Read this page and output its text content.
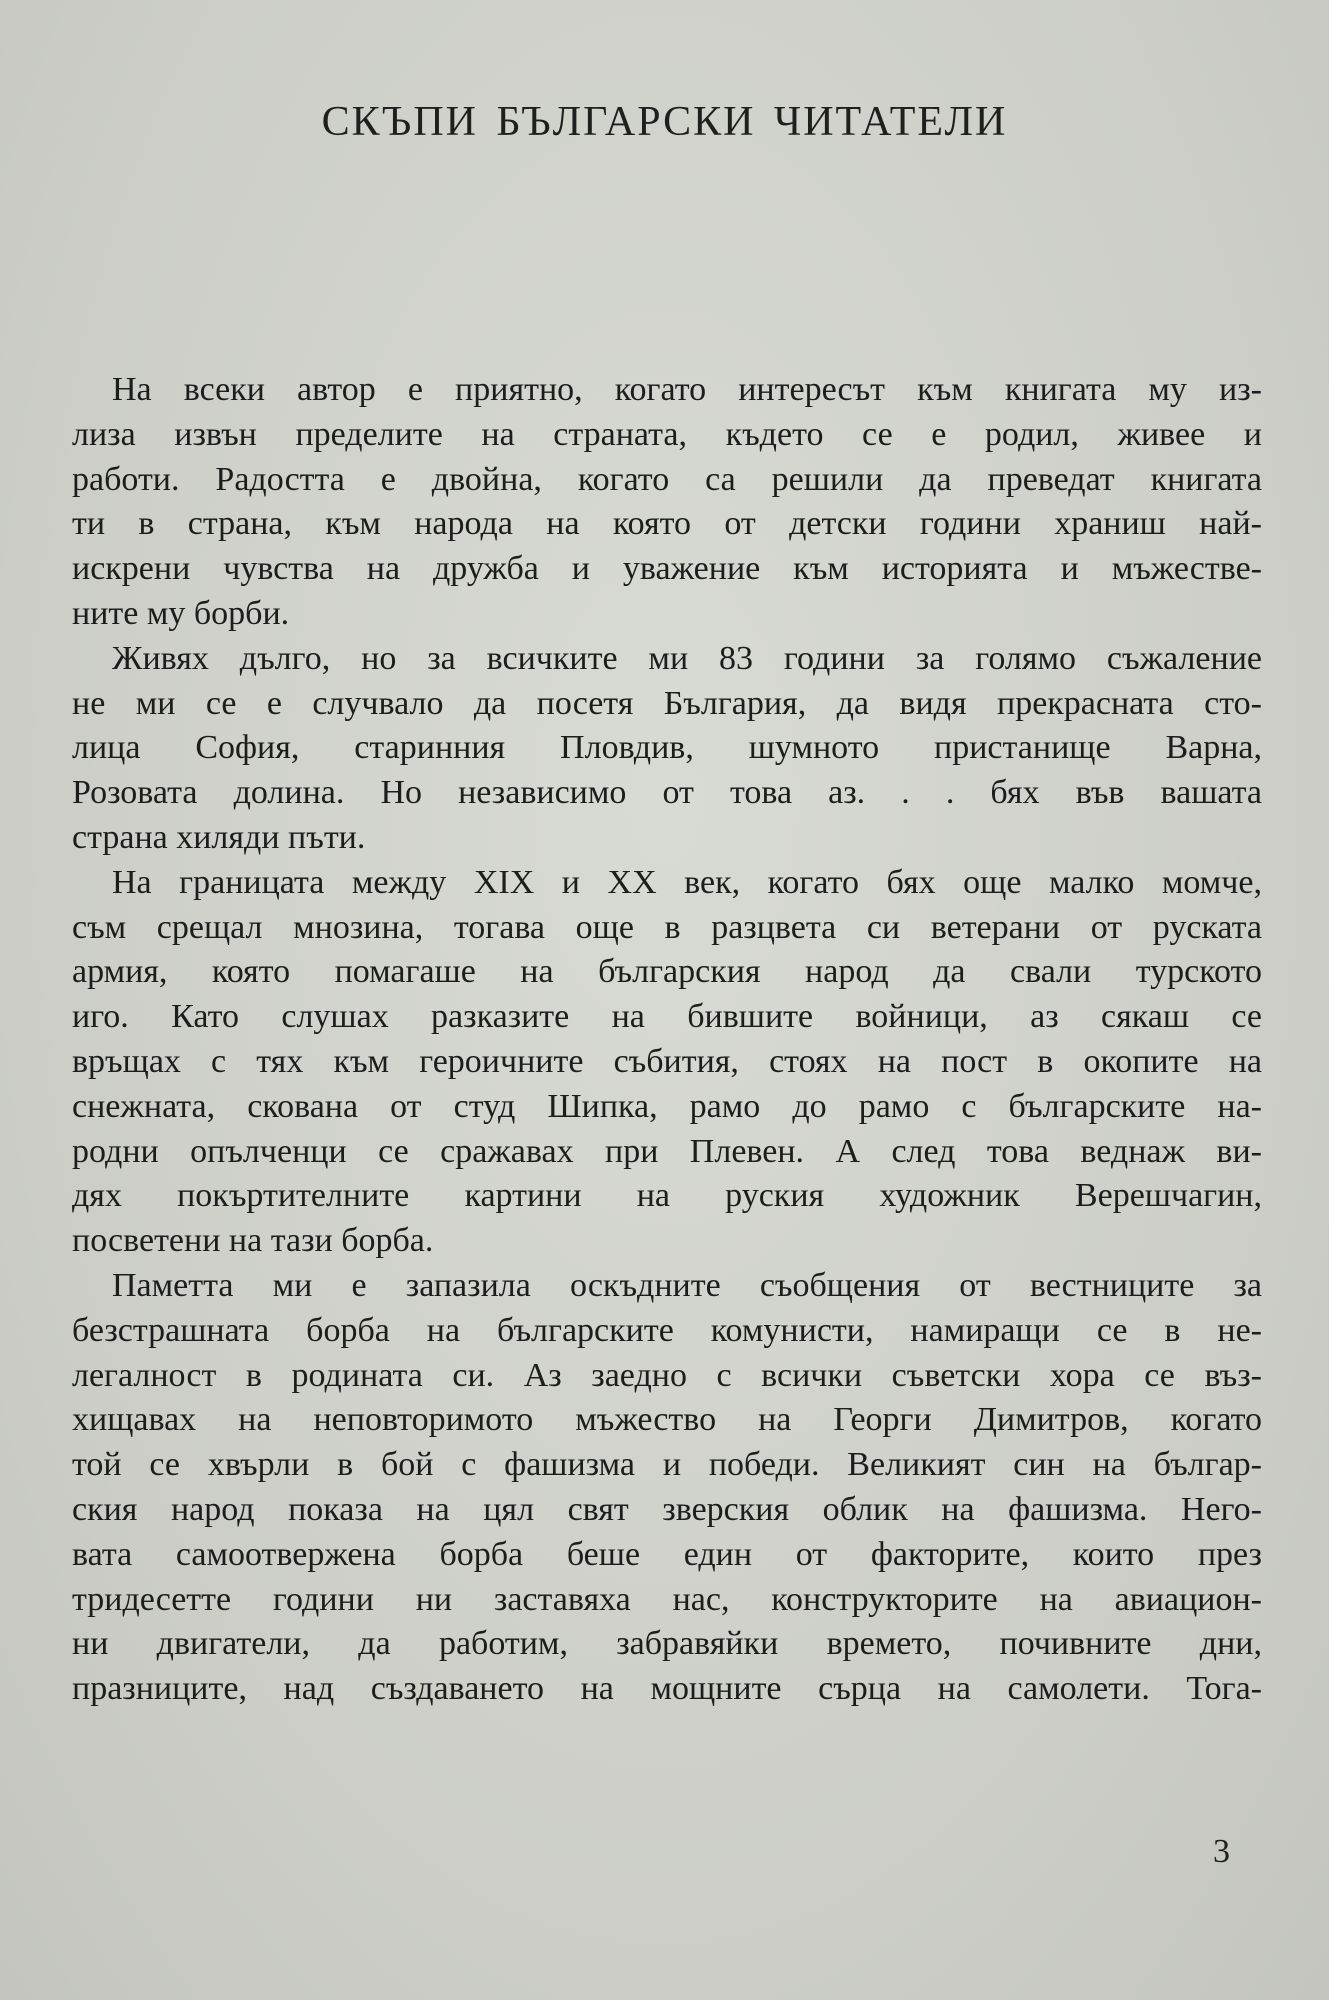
СКЪПИ БЪЛГАРСКИ ЧИТАТЕЛИ

На всеки автор е приятно, когато интересът към книгата му из-
лиза извън пределите на страната, където се е родил, живее и
работи. Радостта е двойна, когато са решили да преведат книгата
ти в страна, към народа на която от детски години храниш най-
искрени чувства на дружба и уважение към историята и мъжестве-
ните му борби.

Живях дълго, но за всичките ми 83 години за голямо съжаление
не ми се е случвало да посетя България, да видя прекрасната сто-
лица София, старинния Пловдив, шумното пристанище Варна,
Розовата долина. Но независимо от това аз. . . бях във вашата
страна хиляди пъти.

На границата между XIX и XX век, когато бях още малко момче,
съм срещал мнозина, тогава още в разцвета си ветерани от руската
армия, която помагаше на българския народ да свали турското
иго. Като слушах разказите на бившите войници, аз сякаш се
връщах с тях към героичните събития, стоях на пост в окопите на
снежната, скована от студ Шипка, рамо до рамо с българските на-
родни опълченци се сражавах при Плевен. А след това веднаж ви-
дях покъртителните картини на руския художник Верешчагин,
посветени на тази борба.

Паметта ми е запазила оскъдните съобщения от вестниците за
безстрашната борба на българските комунисти, намиращи се в не-
легалност в родината си. Аз заедно с всички съветски хора се въз-
хищавах на неповторимото мъжество на Георги Димитров, когато
той се хвърли в бой с фашизма и победи. Великият син на българ-
ския народ показа на цял свят зверския облик на фашизма. Него-
вата самоотвержена борба беше един от факторите, които през
тридесетте години ни заставяха нас, конструкторите на авиацион-
ни двигатели, да работим, забравяйки времето, почивните дни,
празниците, над създаването на мощните сърца на самолети. Тога-

3
